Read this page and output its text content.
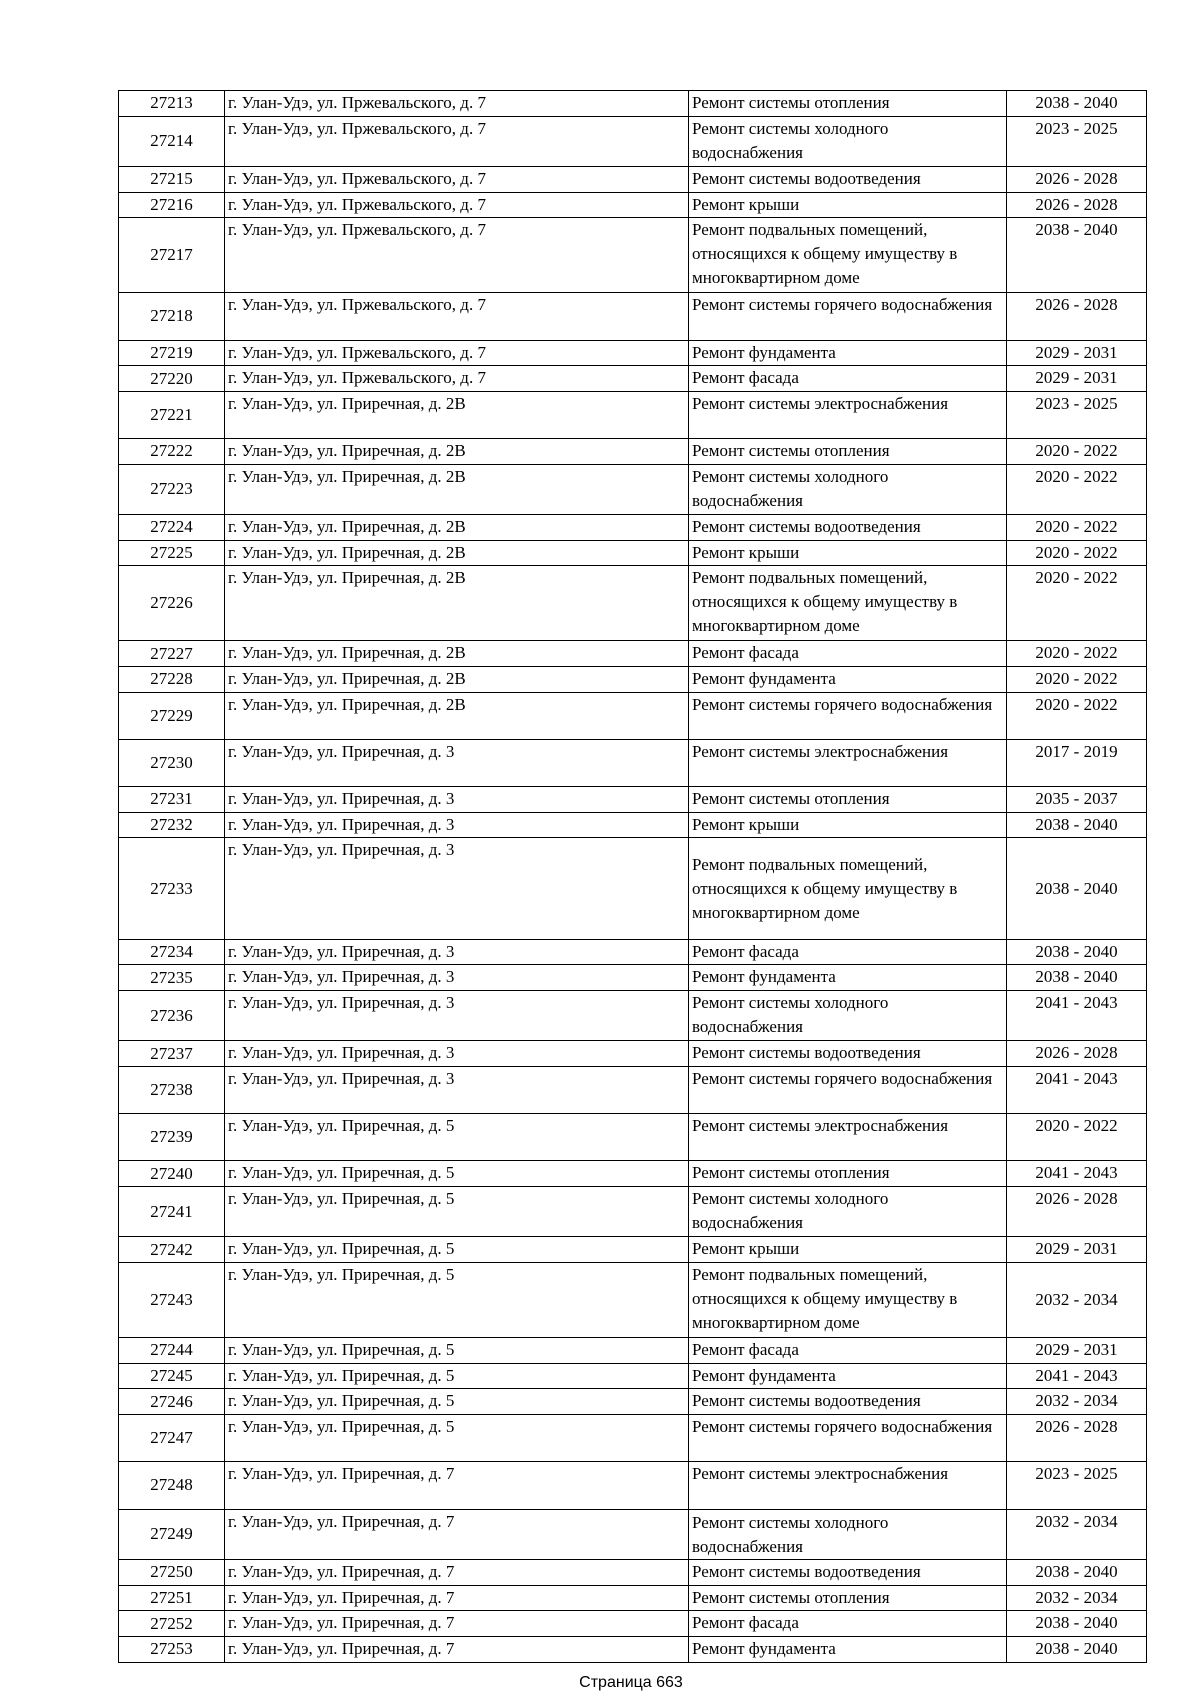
27213	г. Улан-Удэ, ул. Пржевальского, д. 7	Ремонт системы отопления	2038 - 2040
27214	г. Улан-Удэ, ул. Пржевальского, д. 7	Ремонт системы холодного водоснабжения	2023 - 2025
27215	г. Улан-Удэ, ул. Пржевальского, д. 7	Ремонт системы водоотведения	2026 - 2028
27216	г. Улан-Удэ, ул. Пржевальского, д. 7	Ремонт крыши	2026 - 2028
27217	г. Улан-Удэ, ул. Пржевальского, д. 7	Ремонт подвальных помещений, относящихся к общему имуществу в многоквартирном доме	2038 - 2040
27218	г. Улан-Удэ, ул. Пржевальского, д. 7	Ремонт системы горячего водоснабжения	2026 - 2028
27219	г. Улан-Удэ, ул. Пржевальского, д. 7	Ремонт фундамента	2029 - 2031
27220	г. Улан-Удэ, ул. Пржевальского, д. 7	Ремонт фасада	2029 - 2031
27221	г. Улан-Удэ, ул. Приречная, д. 2В	Ремонт системы электроснабжения	2023 - 2025
27222	г. Улан-Удэ, ул. Приречная, д. 2В	Ремонт системы отопления	2020 - 2022
27223	г. Улан-Удэ, ул. Приречная, д. 2В	Ремонт системы холодного водоснабжения	2020 - 2022
27224	г. Улан-Удэ, ул. Приречная, д. 2В	Ремонт системы водоотведения	2020 - 2022
27225	г. Улан-Удэ, ул. Приречная, д. 2В	Ремонт крыши	2020 - 2022
27226	г. Улан-Удэ, ул. Приречная, д. 2В	Ремонт подвальных помещений, относящихся к общему имуществу в многоквартирном доме	2020 - 2022
27227	г. Улан-Удэ, ул. Приречная, д. 2В	Ремонт фасада	2020 - 2022
27228	г. Улан-Удэ, ул. Приречная, д. 2В	Ремонт фундамента	2020 - 2022
27229	г. Улан-Удэ, ул. Приречная, д. 2В	Ремонт системы горячего водоснабжения	2020 - 2022
27230	г. Улан-Удэ, ул. Приречная, д. 3	Ремонт системы электроснабжения	2017 - 2019
27231	г. Улан-Удэ, ул. Приречная, д. 3	Ремонт системы отопления	2035 - 2037
27232	г. Улан-Удэ, ул. Приречная, д. 3	Ремонт крыши	2038 - 2040
27233	г. Улан-Удэ, ул. Приречная, д. 3	Ремонт подвальных помещений, относящихся к общему имуществу в многоквартирном доме	2038 - 2040
27234	г. Улан-Удэ, ул. Приречная, д. 3	Ремонт фасада	2038 - 2040
27235	г. Улан-Удэ, ул. Приречная, д. 3	Ремонт фундамента	2038 - 2040
27236	г. Улан-Удэ, ул. Приречная, д. 3	Ремонт системы холодного водоснабжения	2041 - 2043
27237	г. Улан-Удэ, ул. Приречная, д. 3	Ремонт системы водоотведения	2026 - 2028
27238	г. Улан-Удэ, ул. Приречная, д. 3	Ремонт системы горячего водоснабжения	2041 - 2043
27239	г. Улан-Удэ, ул. Приречная, д. 5	Ремонт системы электроснабжения	2020 - 2022
27240	г. Улан-Удэ, ул. Приречная, д. 5	Ремонт системы отопления	2041 - 2043
27241	г. Улан-Удэ, ул. Приречная, д. 5	Ремонт системы холодного водоснабжения	2026 - 2028
27242	г. Улан-Удэ, ул. Приречная, д. 5	Ремонт крыши	2029 - 2031
27243	г. Улан-Удэ, ул. Приречная, д. 5	Ремонт подвальных помещений, относящихся к общему имуществу в многоквартирном доме	2032 - 2034
27244	г. Улан-Удэ, ул. Приречная, д. 5	Ремонт фасада	2029 - 2031
27245	г. Улан-Удэ, ул. Приречная, д. 5	Ремонт фундамента	2041 - 2043
27246	г. Улан-Удэ, ул. Приречная, д. 5	Ремонт системы водоотведения	2032 - 2034
27247	г. Улан-Удэ, ул. Приречная, д. 5	Ремонт системы горячего водоснабжения	2026 - 2028
27248	г. Улан-Удэ, ул. Приречная, д. 7	Ремонт системы электроснабжения	2023 - 2025
27249	г. Улан-Удэ, ул. Приречная, д. 7	Ремонт системы холодного водоснабжения	2032 - 2034
27250	г. Улан-Удэ, ул. Приречная, д. 7	Ремонт системы водоотведения	2038 - 2040
27251	г. Улан-Удэ, ул. Приречная, д. 7	Ремонт системы отопления	2032 - 2034
27252	г. Улан-Удэ, ул. Приречная, д. 7	Ремонт фасада	2038 - 2040
27253	г. Улан-Удэ, ул. Приречная, д. 7	Ремонт фундамента	2038 - 2040
Страница 663
